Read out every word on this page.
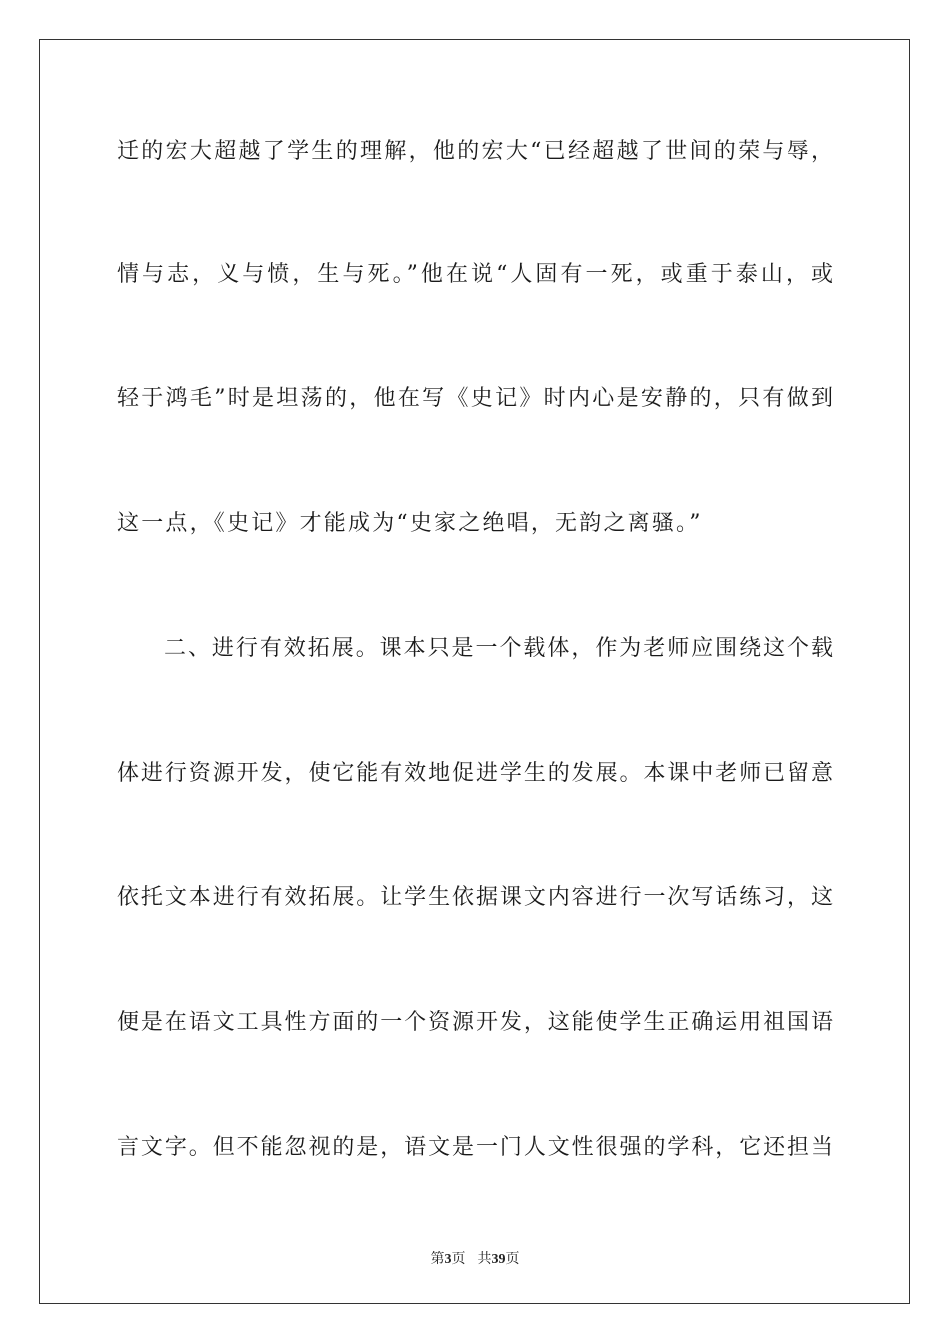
迁的宏大超越了学生的理解，他的宏大“已经超越了世间的荣与辱，
情与志，义与愤，生与死。”他在说“人固有一死，或重于泰山，或
轻于鸿毛”时是坦荡的，他在写《史记》时内心是安静的，只有做到
这一点，《史记》才能成为“史家之绝唱，无韵之离骚。”
二、进行有效拓展。课本只是一个载体，作为老师应围绕这个载
体进行资源开发，使它能有效地促进学生的发展。本课中老师已留意
依托文本进行有效拓展。让学生依据课文内容进行一次写话练习，这
便是在语文工具性方面的一个资源开发，这能使学生正确运用祖国语
言文字。但不能忽视的是，语文是一门人文性很强的学科，它还担当
第3页 共39页
